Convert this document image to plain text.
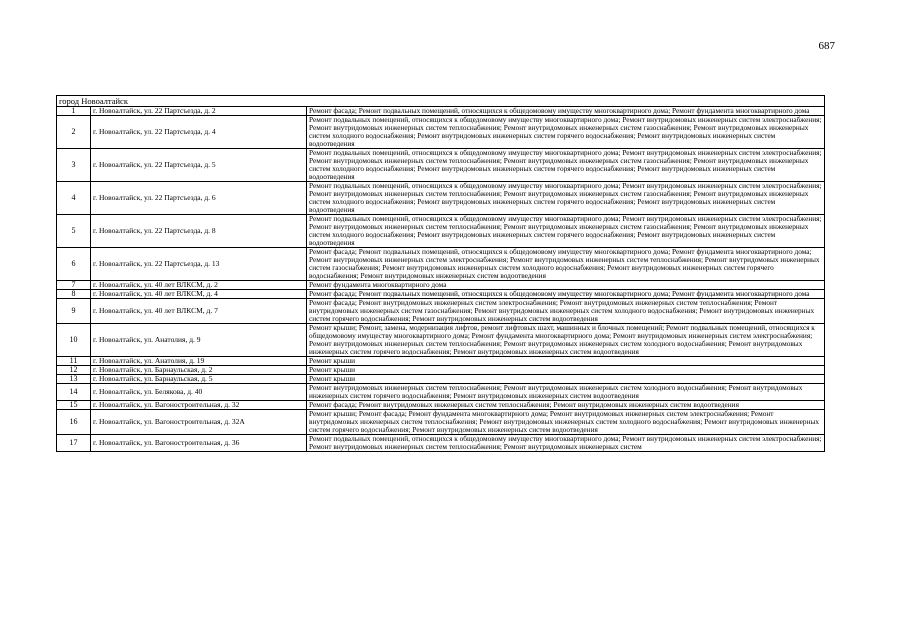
687
город Новоалтайск		
1	г. Новоалтайск, ул. 22 Партсъезда, д. 2	Ремонт фасада; Ремонт подвальных помещений, относящихся к общедомовому имуществу многоквартирного дома; Ремонт фундамента многоквартирного дома
2	г. Новоалтайск, ул. 22 Партсъезда, д. 4	Ремонт подвальных помещений, относящихся к общедомовому имуществу многоквартирного дома; Ремонт внутридомовых инженерных систем электроснабжения; Ремонт внутридомовых инженерных систем теплоснабжения; Ремонт внутридомовых инженерных систем газоснабжения; Ремонт внутридомовых инженерных систем холодного водоснабжения; Ремонт внутридомовых инженерных систем горячего водоснабжения; Ремонт внутридомовых инженерных систем водоотведения
3	г. Новоалтайск, ул. 22 Партсъезда, д. 5	Ремонт подвальных помещений, относящихся к общедомовому имуществу многоквартирного дома; Ремонт внутридомовых инженерных систем электроснабжения; Ремонт внутридомовых инженерных систем теплоснабжения; Ремонт внутридомовых инженерных систем газоснабжения; Ремонт внутридомовых инженерных систем холодного водоснабжения; Ремонт внутридомовых инженерных систем горячего водоснабжения; Ремонт внутридомовых инженерных систем водоотведения
4	г. Новоалтайск, ул. 22 Партсъезда, д. 6	Ремонт подвальных помещений, относящихся к общедомовому имуществу многоквартирного дома; Ремонт внутридомовых инженерных систем электроснабжения; Ремонт внутридомовых инженерных систем теплоснабжения; Ремонт внутридомовых инженерных систем газоснабжения; Ремонт внутридомовых инженерных систем холодного водоснабжения; Ремонт внутридомовых инженерных систем горячего водоснабжения; Ремонт внутридомовых инженерных систем водоотведения
5	г. Новоалтайск, ул. 22 Партсъезда, д. 8	Ремонт подвальных помещений, относящихся к общедомовому имуществу многоквартирного дома; Ремонт внутридомовых инженерных систем электроснабжения; Ремонт внутридомовых инженерных систем теплоснабжения; Ремонт внутридомовых инженерных систем газоснабжения; Ремонт внутридомовых инженерных систем холодного водоснабжения; Ремонт внутридомовых инженерных систем горячего водоснабжения; Ремонт внутридомовых инженерных систем водоотведения
6	г. Новоалтайск, ул. 22 Партсъезда, д. 13	Ремонт фасада; Ремонт подвальных помещений, относящихся к общедомовому имуществу многоквартирного дома; Ремонт фундамента многоквартирного дома; Ремонт внутридомовых инженерных систем электроснабжения; Ремонт внутридомовых инженерных систем теплоснабжения; Ремонт внутридомовых инженерных систем газоснабжения; Ремонт внутридомовых инженерных систем холодного водоснабжения; Ремонт внутридомовых инженерных систем горячего водоснабжения; Ремонт внутридомовых инженерных систем водоотведения
7	г. Новоалтайск, ул. 40 лет ВЛКСМ, д. 2	Ремонт фундамента многоквартирного дома
8	г. Новоалтайск, ул. 40 лет ВЛКСМ, д. 4	Ремонт фасада; Ремонт подвальных помещений, относящихся к общедомовому имуществу многоквартирного дома; Ремонт фундамента многоквартирного дома
9	г. Новоалтайск, ул. 40 лет ВЛКСМ, д. 7	Ремонт фасада; Ремонт внутридомовых инженерных систем электроснабжения; Ремонт внутридомовых инженерных систем теплоснабжения; Ремонт внутридомовых инженерных систем газоснабжения; Ремонт внутридомовых инженерных систем холодного водоснабжения; Ремонт внутридомовых инженерных систем горячего водоснабжения; Ремонт внутридомовых инженерных систем водоотведения
10	г. Новоалтайск, ул. Анатолия, д. 9	Ремонт крыши; Ремонт, замена, модернизация лифтов, ремонт лифтовых шахт, машинных и блочных помещений; Ремонт подвальных помещений, относящихся к общедомовому имуществу многоквартирного дома; Ремонт фундамента многоквартирного дома; Ремонт внутридомовых инженерных систем электроснабжения; Ремонт внутридомовых инженерных систем теплоснабжения; Ремонт внутридомовых инженерных систем холодного водоснабжения; Ремонт внутридомовых инженерных систем горячего водоснабжения; Ремонт внутридомовых инженерных систем водоотведения
11	г. Новоалтайск, ул. Анатолия, д. 19	Ремонт крыши
12	г. Новоалтайск, ул. Барнаульская, д. 2	Ремонт крыши
13	г. Новоалтайск, ул. Барнаульская, д. 5	Ремонт крыши
14	г. Новоалтайск, ул. Белякова, д. 40	Ремонт внутридомовых инженерных систем теплоснабжения; Ремонт внутридомовых инженерных систем холодного водоснабжения; Ремонт внутридомовых инженерных систем горячего водоснабжения; Ремонт внутридомовых инженерных систем водоотведения
15	г. Новоалтайск, ул. Вагоностроительная, д. 32	Ремонт фасада; Ремонт внутридомовых инженерных систем теплоснабжения; Ремонт внутридомовых инженерных систем водоотведения
16	г. Новоалтайск, ул. Вагоностроительная, д. 32А	Ремонт крыши; Ремонт фасада; Ремонт фундамента многоквартирного дома; Ремонт внутридомовых инженерных систем электроснабжения; Ремонт внутридомовых инженерных систем теплоснабжения; Ремонт внутридомовых инженерных систем холодного водоснабжения; Ремонт внутридомовых инженерных систем горячего водоснабжения; Ремонт внутридомовых инженерных систем водоотведения
17	г. Новоалтайск, ул. Вагоностроительная, д. 36	Ремонт подвальных помещений, относящихся к общедомовому имуществу многоквартирного дома; Ремонт внутридомовых инженерных систем электроснабжения; Ремонт внутридомовых инженерных систем теплоснабжения; Ремонт внутридомовых инженерных систем
